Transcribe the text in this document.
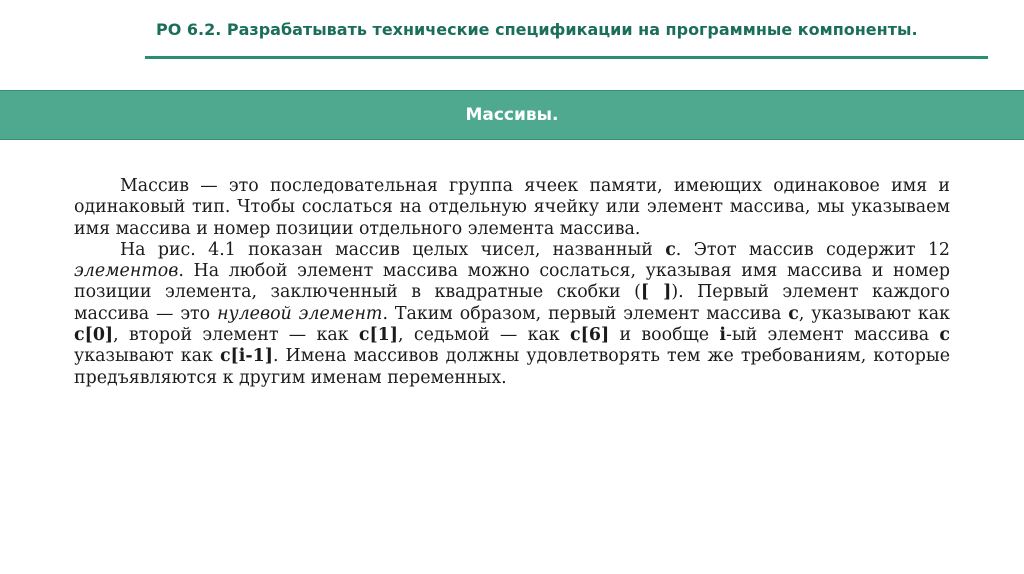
РО 6.2. Разрабатывать технические спецификации на программные компоненты.
Массивы.

Массив — это последовательная группа ячеек памяти, имеющих одинаковое имя и одинаковый тип. Чтобы сослаться на отдельную ячейку или элемент массива, мы указываем имя массива и номер позиции отдельного элемента массива.

На рис. 4.1 показан массив целых чисел, названный c. Этот массив содержит 12 элементов. На любой элемент массива можно сослаться, указывая имя массива и номер позиции элемента, заключенный в квадратные скобки ([ ]). Первый элемент каждого массива — это нулевой элемент. Таким образом, первый элемент массива c, указывают как c[0], второй элемент — как c[1], седьмой — как c[6] и вообще i-ый элемент массива c указывают как c[i-1]. Имена массивов должны удовлетворять тем же требованиям, которые предъявляются к другим именам переменных.
